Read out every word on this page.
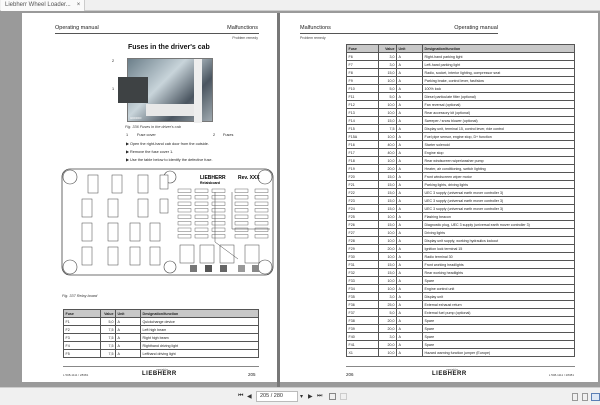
Liebherr Wheel Loader... ×
Operating manual	Malfunctions
Problem remedy
Fuses in the driver's cab
2
1
A0000000
Fig. 336 Fuses in the driver's cab
1 Fuse cover	2 Fuses
▶ Open the right-hand cab door from the outside.
▶ Remove the fuse cover 1.
▶ Use the table below to identify the defective fuse.
LIEBHERR Rev. XXX
Relaisboard
Fig. 337 Relay board
Fuse	Value	Unit	Designation/function
F1	5,0	A	Quickchange device
F2	7,5	A	Left high beam
F3	7,5	A	Right high beam
F4	7,5	A	Righthand driving light
F5	7,5	A	Lefthand driving light
L 508-1111 / 28381
copyright by
LIEBHERR	205
Malfunctions	Operating manual
Problem remedy
Fuse	Value	Unit	Designation/function
F6	3,0	A	Right-hand parking light
F7	3,0	A	Left-hand parking light
F8	15,0	A	Radio, socket, interior lighting, compressor seat
F9	10,0	A	Parking brake, control lever, fast/slow
F10	5,0	A	100% lock
F11	5,0	A	Diesel particulate filter (optional)
F12	10,0	A	Fan reversal (optional)
F13	10,0	A	Rear accessory kit (optional)
F14	15,0	A	Sweeper / snow blower (optional)
F15	7,5	A	Display unit, terminal 15, control lever, ride control
F15A	10,0	A	Fuel pipe sensor, engine stop, D+ function
F16	40,0	A	Starter solenoid
F17	40,0	A	Engine stop
F18	10,0	A	Rear windscreen wiper/washer pump
F19	20,0	A	Heater, air conditioning, switch lighting
F20	15,0	A	Front windscreen wiper motor
F21	15,0	A	Parking lights, driving lights
F22	15,0	A	UEC 3 supply (universal earth mover controller 3)
F23	15,0	A	UEC 3 supply (universal earth mover controller 3)
F24	15,0	A	UEC 3 supply (universal earth mover controller 3)
F25	10,0	A	Flashing beacon
F26	15,0	A	Diagnostic plug, UEC 3 supply (universal earth mover controller 3)
F27	10,0	A	Driving lights
F28	10,0	A	Display unit supply, working hydraulics lockout
F29	20,0	A	Ignition lock terminal 15
F30	10,0	A	Radio terminal 30
F31	15,0	A	Front working headlights
F32	15,0	A	Rear working headlights
F33	10,0	A	Spare
F34	10,0	A	Engine control unit
F35	3,0	A	Display unit
F36	25,0	A	External exhaust return
F37	5,0	A	External fuel pump (optional)
F38	20,0	A	Spare
F39	20,0	A	Spare
F40	3,0	A	Spare
F41	20,0	A	Spare
X1	10,0	A	Hazard warning function jumper (Europe)
206
copyright by
LIEBHERR	L 508-1111 / 28381
⏮ ◀	205 / 280	▾ ▶ ⏭
